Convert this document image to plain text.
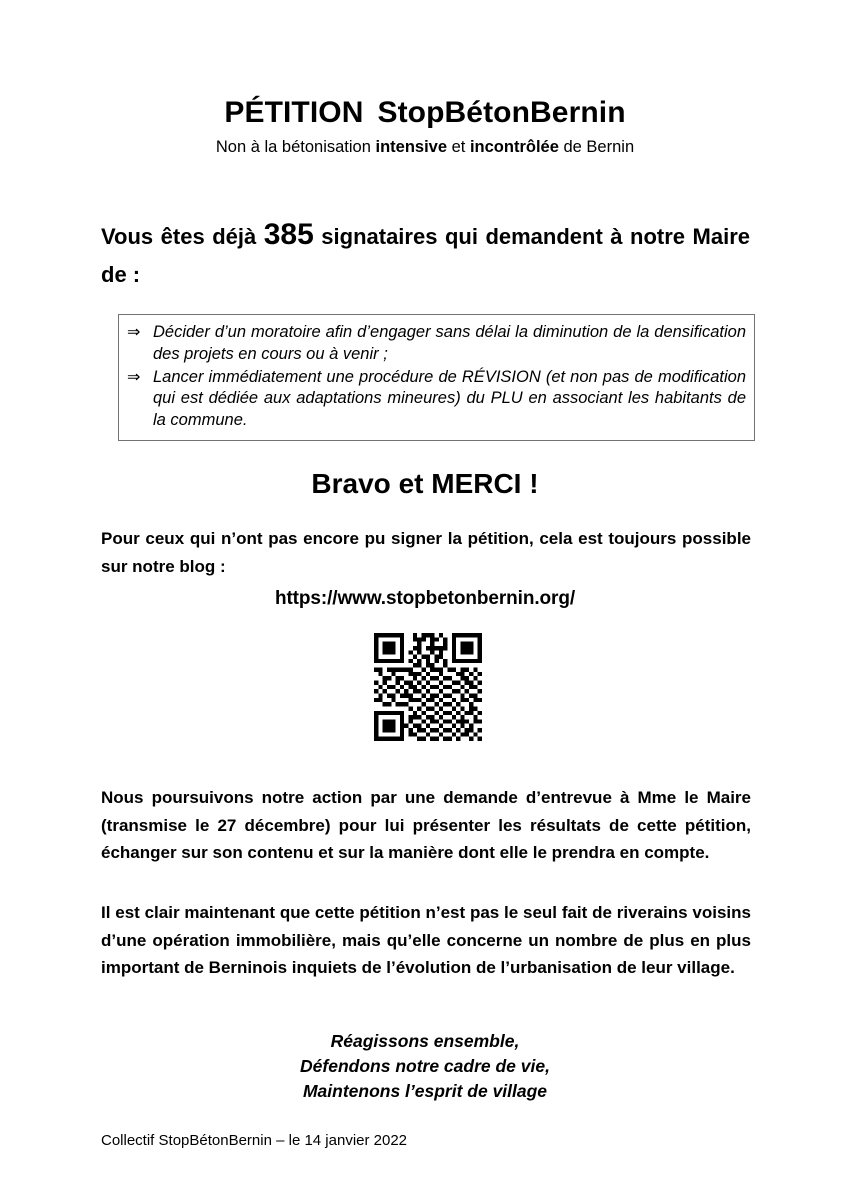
PÉTITION StopBétonBernin

Non à la bétonisation intensive et incontrôlée de Bernin

Vous êtes déjà 385 signataires qui demandent à notre Maire de :

⇒ Décider d’un moratoire afin d’engager sans délai la diminution de la densification des projets en cours ou à venir ;
⇒ Lancer immédiatement une procédure de RÉVISION (et non pas de modification qui est dédiée aux adaptations mineures) du PLU en associant les habitants de la commune.
Bravo et MERCI !

Pour ceux qui n’ont pas encore pu signer la pétition, cela est toujours possible sur notre blog :

https://www.stopbetonbernin.org/

Nous poursuivons notre action par une demande d’entrevue à Mme le Maire (transmise le 27 décembre) pour lui présenter les résultats de cette pétition, échanger sur son contenu et sur la manière dont elle le prendra en compte.

Il est clair maintenant que cette pétition n’est pas le seul fait de riverains voisins d’une opération immobilière, mais qu’elle concerne un nombre de plus en plus important de Berninois inquiets de l’évolution de l’urbanisation de leur village.

Réagissons ensemble,
Défendons notre cadre de vie,
Maintenons l’esprit de village

Collectif StopBétonBernin – le 14 janvier 2022
